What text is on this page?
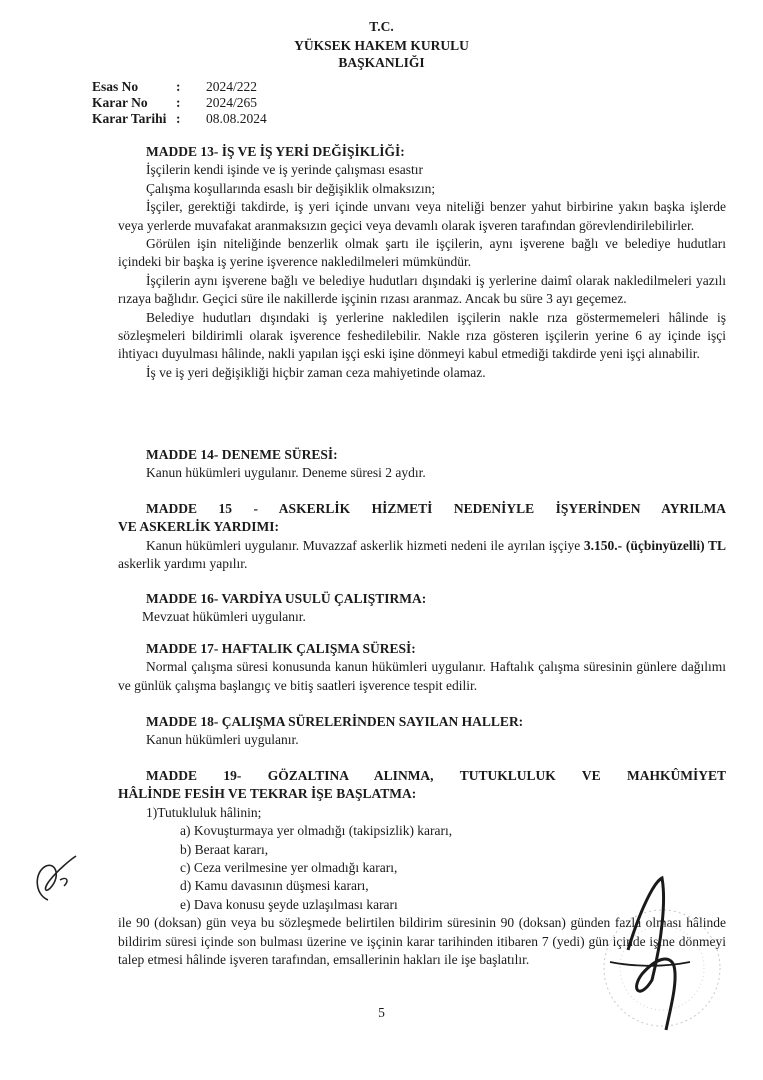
T.C.
YÜKSEK HAKEM KURULU
BAŞKANLIĞI
Esas No	:	2024/222
Karar No	:	2024/265
Karar Tarihi :	08.08.2024
MADDE 13- İŞ VE İŞ YERİ DEĞİŞİKLİĞİ:
İşçilerin kendi işinde ve iş yerinde çalışması esastır
Çalışma koşullarında esaslı bir değişiklik olmaksızın;
İşçiler, gerektiği takdirde, iş yeri içinde unvanı veya niteliği benzer yahut birbirine yakın başka işlerde veya yerlerde muvafakat aranmaksızın geçici veya devamlı olarak işveren tarafından görevlendirilebilirler.
Görülen işin niteliğinde benzerlik olmak şartı ile işçilerin, aynı işverene bağlı ve belediye hudutları içindeki bir başka iş yerine işverence nakledilmeleri mümkündür.
İşçilerin aynı işverene bağlı ve belediye hudutları dışındaki iş yerlerine daimî olarak nakledilmeleri yazılı rızaya bağlıdır. Geçici süre ile nakillerde işçinin rızası aranmaz. Ancak bu süre 3 ayı geçemez.
Belediye hudutları dışındaki iş yerlerine nakledilen işçilerin nakle rıza göstermemeleri hâlinde iş sözleşmeleri bildirimli olarak işverence feshedilebilir. Nakle rıza gösteren işçilerin yerine 6 ay içinde işçi ihtiyacı duyulması hâlinde, nakli yapılan işçi eski işine dönmeyi kabul etmediği takdirde yeni işçi alınabilir.
İş ve iş yeri değişikliği hiçbir zaman ceza mahiyetinde olamaz.
MADDE 14- DENEME SÜRESİ:
Kanun hükümleri uygulanır. Deneme süresi 2 aydır.
MADDE 15 - ASKERLİK HİZMETİ NEDENİYLE İŞYERİNDEN AYRILMA
VE ASKERLİK YARDIMI:
Kanun hükümleri uygulanır. Muvazzaf askerlik hizmeti nedeni ile ayrılan işçiye 3.150.- (üçbinyüzelli) TL askerlik yardımı yapılır.
MADDE 16- VARDİYA USULÜ ÇALIŞTIRMA:
Mevzuat hükümleri uygulanır.
MADDE 17- HAFTALIK ÇALIŞMA SÜRESİ:
Normal çalışma süresi konusunda kanun hükümleri uygulanır. Haftalık çalışma süresinin günlere dağılımı ve günlük çalışma başlangıç ve bitiş saatleri işverence tespit edilir.
MADDE 18- ÇALIŞMA SÜRELERİNDEN SAYILAN HALLER:
Kanun hükümleri uygulanır.
MADDE 19- GÖZALTINA ALINMA, TUTUKLULUK VE MAHKÛMİYET
HÂLİNDE FESİH VE TEKRAR İŞE BAŞLATMA:
1)Tutukluluk hâlinin;
a) Kovuşturmaya yer olmadığı (takipsizlik) kararı,
b) Beraat kararı,
c) Ceza verilmesine yer olmadığı kararı,
d) Kamu davasının düşmesi kararı,
e) Dava konusu şeyde uzlaşılması kararı
ile 90 (doksan) gün veya bu sözleşmede belirtilen bildirim süresinin 90 (doksan) günden fazla olması hâlinde bildirim süresi içinde son bulması üzerine ve işçinin karar tarihinden itibaren 7 (yedi) gün içinde işine dönmeyi talep etmesi hâlinde işveren tarafından, emsallerinin hakları ile işe başlatılır.
5
